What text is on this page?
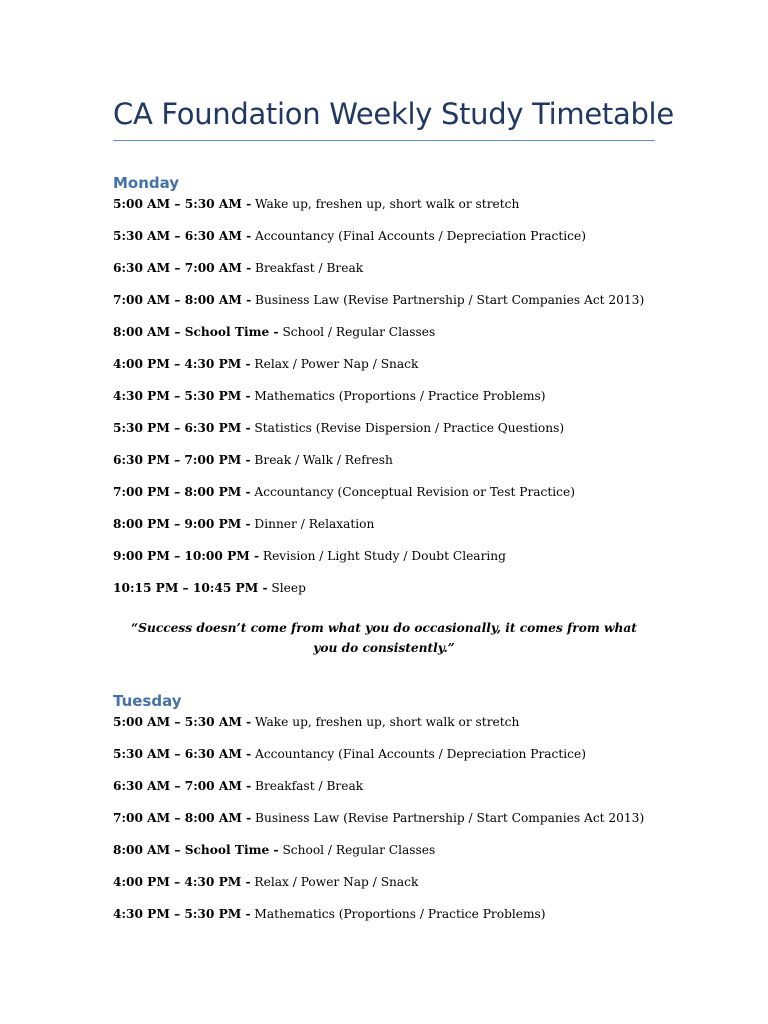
CA Foundation Weekly Study Timetable
Monday

5:00 AM – 5:30 AM - Wake up, freshen up, short walk or stretch

5:30 AM – 6:30 AM - Accountancy (Final Accounts / Depreciation Practice)

6:30 AM – 7:00 AM - Breakfast / Break

7:00 AM – 8:00 AM - Business Law (Revise Partnership / Start Companies Act 2013)

8:00 AM – School Time - School / Regular Classes

4:00 PM – 4:30 PM - Relax / Power Nap / Snack

4:30 PM – 5:30 PM - Mathematics (Proportions / Practice Problems)

5:30 PM – 6:30 PM - Statistics (Revise Dispersion / Practice Questions)

6:30 PM – 7:00 PM - Break / Walk / Refresh

7:00 PM – 8:00 PM - Accountancy (Conceptual Revision or Test Practice)

8:00 PM – 9:00 PM - Dinner / Relaxation

9:00 PM – 10:00 PM - Revision / Light Study / Doubt Clearing

10:15 PM – 10:45 PM - Sleep

“Success doesn’t come from what you do occasionally, it comes from what you do consistently.”

Tuesday

5:00 AM – 5:30 AM - Wake up, freshen up, short walk or stretch

5:30 AM – 6:30 AM - Accountancy (Final Accounts / Depreciation Practice)

6:30 AM – 7:00 AM - Breakfast / Break

7:00 AM – 8:00 AM - Business Law (Revise Partnership / Start Companies Act 2013)

8:00 AM – School Time - School / Regular Classes

4:00 PM – 4:30 PM - Relax / Power Nap / Snack

4:30 PM – 5:30 PM - Mathematics (Proportions / Practice Problems)
